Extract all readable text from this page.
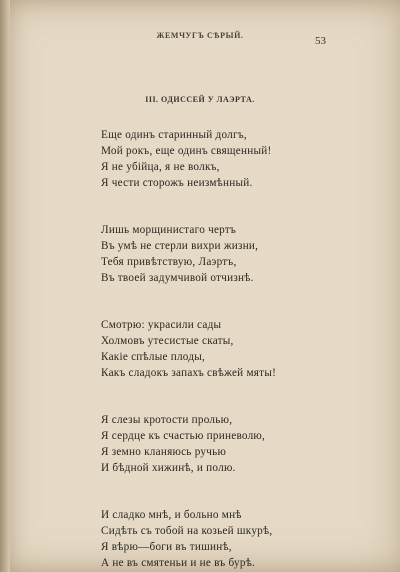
ЖЕМЧУГЪ СѢРЫЙ.	53
III. ОДИССЕЙ У ЛАЭРТА.
Еще одинъ старинный долгъ,
Мой рокъ, еще одинъ священный!
Я не убійца, я не волкъ,
Я чести сторожъ неизмѣнный.
Лишь морщинистаго чертъ
Въ умѣ не стерли вихри жизни,
Тебя привѣтствую, Лаэртъ,
Въ твоей задумчивой отчизнѣ.
Смотрю: украсили сады
Холмовъ утесистые скаты,
Какіе спѣлые плоды,
Какъ сладокъ запахъ свѣжей мяты!
Я слезы кротости пролью,
Я сердце къ счастью приневолю,
Я земно кланяюсь ручью
И бѣдной хижинѣ, и полю.
И сладко мнѣ, и больно мнѣ
Сидѣть съ тобой на козьей шкурѣ,
Я вѣрю—боги въ тишинѣ,
А не въ смятеньи и не въ бурѣ.
